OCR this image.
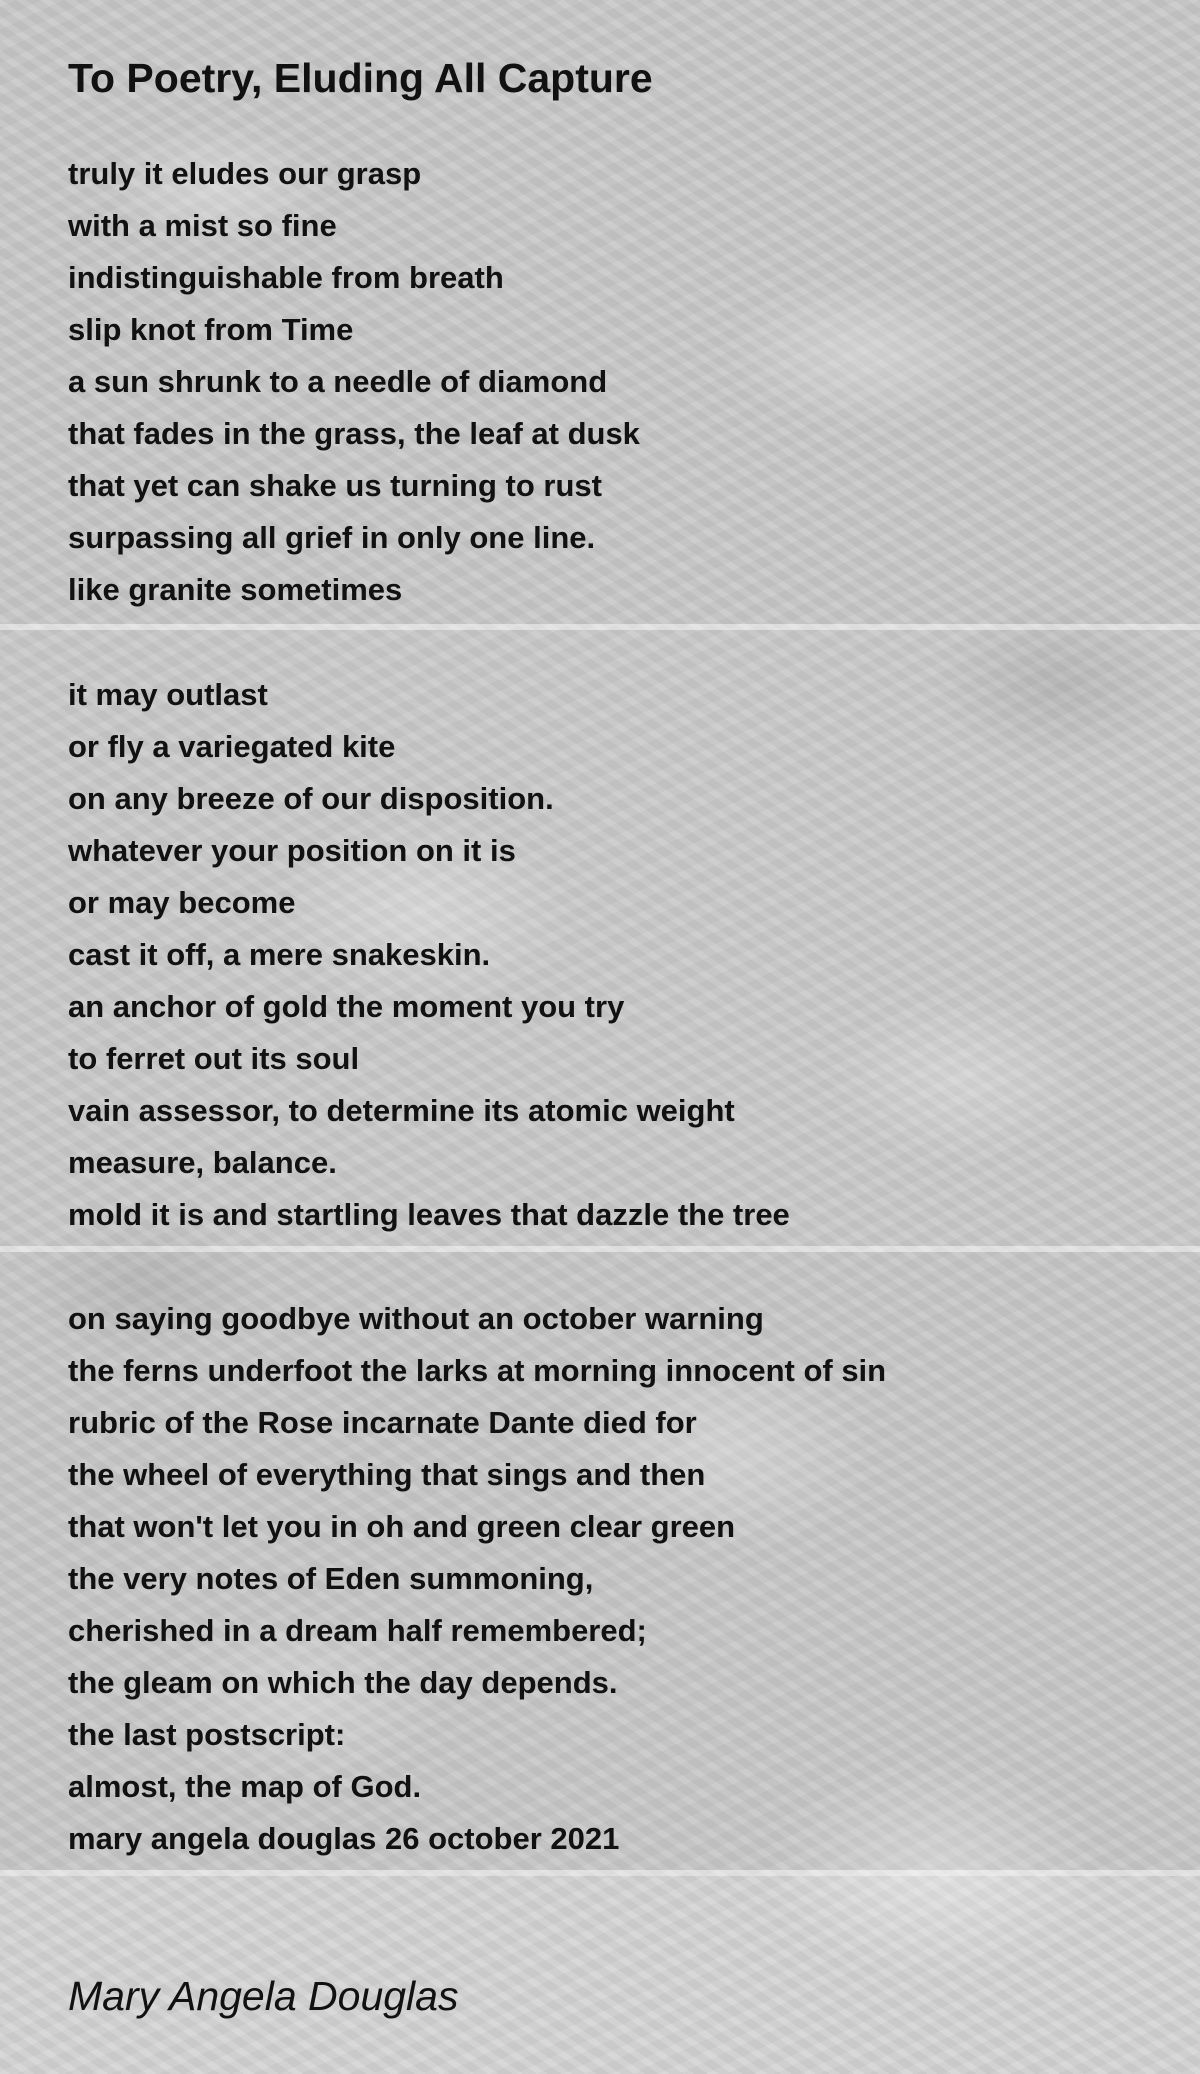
To Poetry, Eluding All Capture
truly it eludes our grasp
with a mist so fine
indistinguishable from breath
slip knot from Time
a sun shrunk to a needle of diamond
that fades in the grass, the leaf at dusk
that yet can shake us turning to rust
surpassing all grief in only one line.
like granite sometimes
it may outlast
or fly a variegated kite
on any breeze of our disposition.
whatever your position on it is
or may become
cast it off, a mere snakeskin.
an anchor of gold the moment you try
to ferret out its soul
vain assessor, to determine its atomic weight
measure, balance.
mold it is and startling leaves that dazzle the tree
on saying goodbye without an october warning
the ferns underfoot the larks at morning innocent of sin
rubric of the Rose incarnate Dante died for
the wheel of everything that sings and then
that won't let you in oh and green clear green
the very notes of Eden summoning,
cherished in a dream half remembered;
the gleam on which the day depends.
the last postscript:
almost, the map of God.
mary angela douglas 26 october 2021

Mary Angela Douglas
